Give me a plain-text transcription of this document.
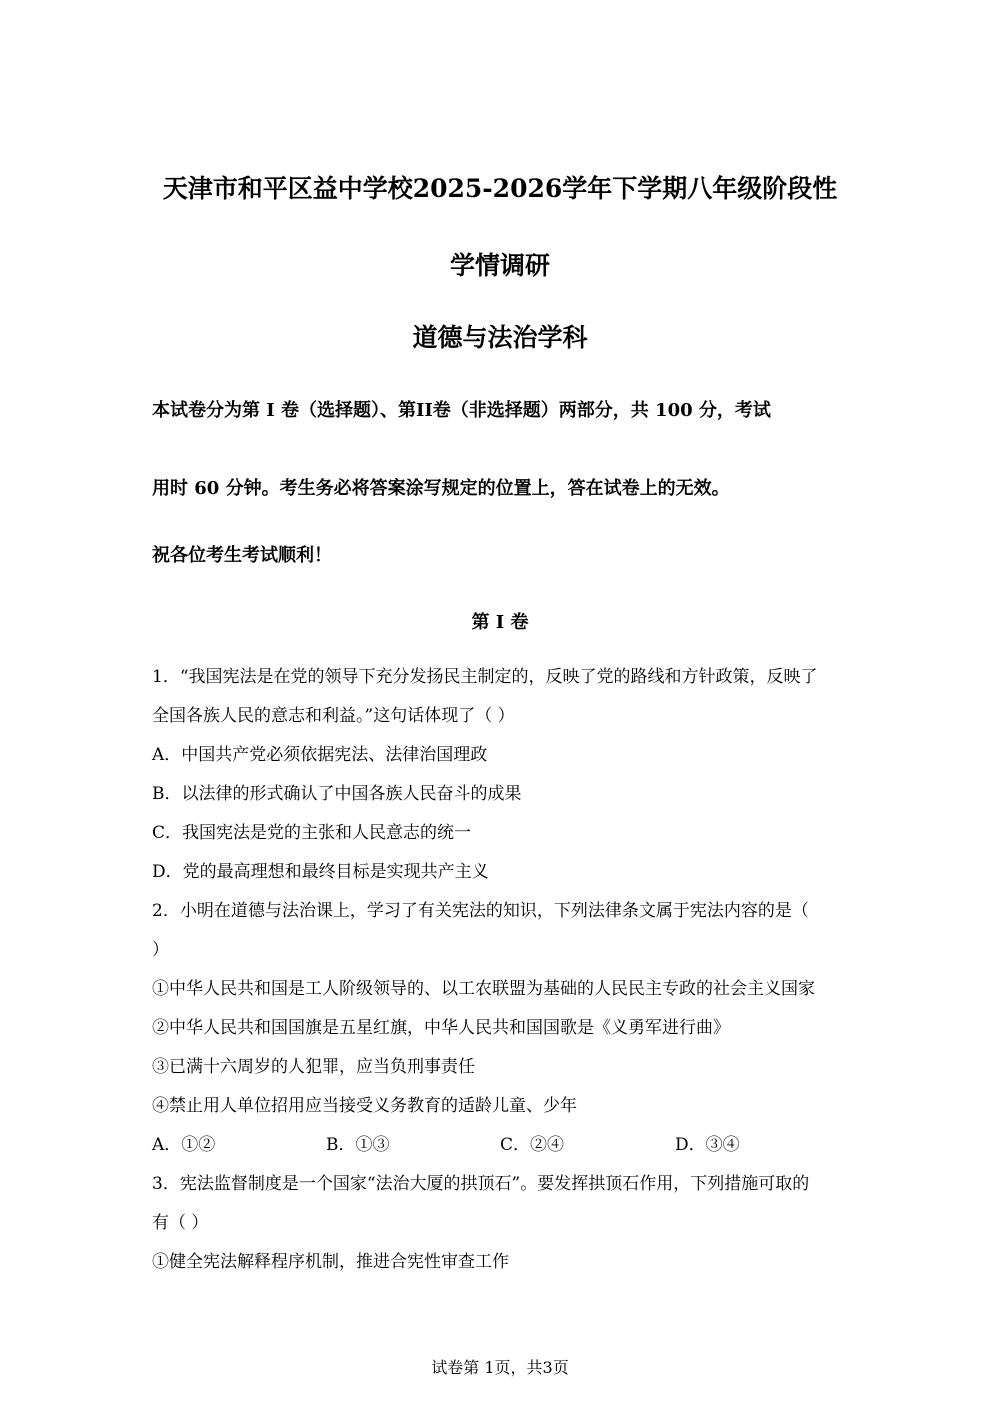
天津市和平区益中学校2025-2026学年下学期八年级阶段性
学情调研
道德与法治学科
本试卷分为第 I 卷（选择题）、第II卷（非选择题）两部分，共 100 分，考试
用时 60 分钟。考生务必将答案涂写规定的位置上，答在试卷上的无效。
祝各位考生考试顺利！
第 I 卷
1．“我国宪法是在党的领导下充分发扬民主制定的，反映了党的路线和方针政策，反映了
全国各族人民的意志和利益。”这句话体现了（ ）
A．中国共产党必须依据宪法、法律治国理政
B．以法律的形式确认了中国各族人民奋斗的成果
C．我国宪法是党的主张和人民意志的统一
D．党的最高理想和最终目标是实现共产主义
2．小明在道德与法治课上，学习了有关宪法的知识，下列法律条文属于宪法内容的是（
）
①中华人民共和国是工人阶级领导的、以工农联盟为基础的人民民主专政的社会主义国家
②中华人民共和国国旗是五星红旗，中华人民共和国国歌是《义勇军进行曲》
③已满十六周岁的人犯罪，应当负刑事责任
④禁止用人单位招用应当接受义务教育的适龄儿童、少年
A．①②	B．①③	C．②④	D．③④
3．宪法监督制度是一个国家“法治大厦的拱顶石”。要发挥拱顶石作用，下列措施可取的
有（ ）
①健全宪法解释程序机制，推进合宪性审查工作
试卷第 1页，共3页
